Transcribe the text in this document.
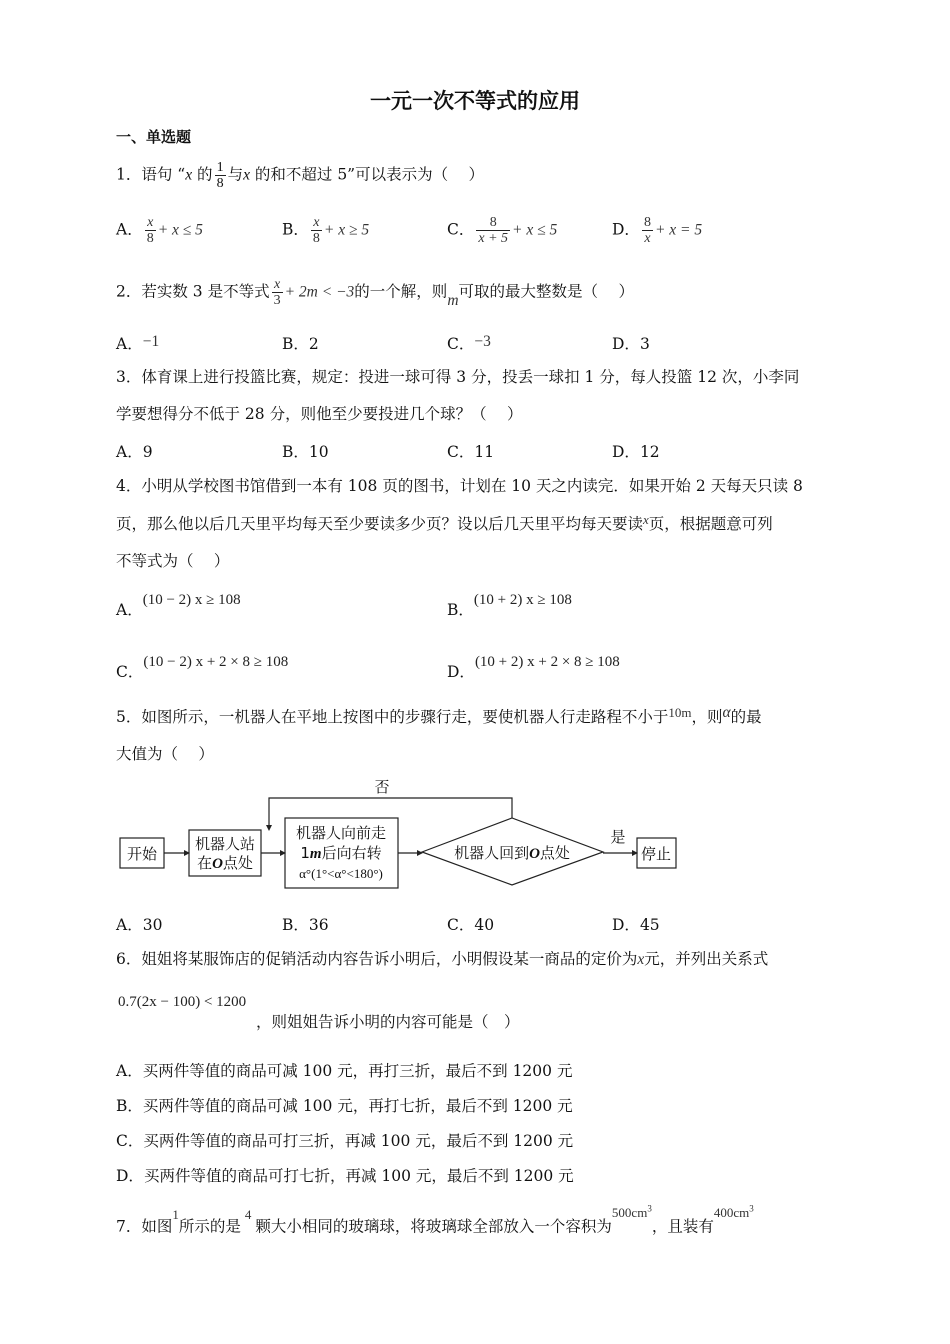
一元一次不等式的应用
一、单选题
1．语句 “x 的 $\frac{1}{8}$ 与x 的和不超过 5”可以表示为（　 ）
A． $\frac{x}{8} + x \le 5$	B． $\frac{x}{8} + x \ge 5$	C． $\frac{8}{x + 5} + x \le 5$	D． $\frac{8}{x} + x = 5$
2．若实数 3 是不等式 $\frac{x}{3} + 2m < -3$的一个解，则m可取的最大整数是（　 ）
A．−1	B．2	C．−3	D．3
3．体育课上进行投篮比赛，规定：投进一球可得 3 分，投丢一球扣 1 分，每人投篮 12 次，小李同
学要想得分不低于 28 分，则他至少要投进几个球？（　 ）
A．9	B．10	C．11	D．12
4．小明从学校图书馆借到一本有 108 页的图书，计划在 10 天之内读完．如果开始 2 天每天只读 8
页，那么他以后几天里平均每天至少要读多少页？设以后几天里平均每天要读$^x$页，根据题意可列
不等式为（　 ）
A．(10 − 2) x ≥ 108
B．(10 + 2) x ≥ 108
C．(10 − 2) x + 2 × 8 ≥ 108
D．(10 + 2) x + 2 × 8 ≥ 108
5．如图所示，一机器人在平地上按图中的步骤行走，要使机器人行走路程不小于$^{10m}$，则α的最
大值为（　 ）
开始
机器人站
在O点处
机器人向前走
1m后向右转
α°(1°<α°<180°)
机器人回到O点处
是
否
停止
A．30	B．36	C．40	D．45
6．姐姐将某服饰店的促销活动内容告诉小明后，小明假设某一商品的定价为x元，并列出关系式
0.7(2x − 100) < 1200
，则姐姐告诉小明的内容可能是（　）
A．买两件等值的商品可减 100 元，再打三折，最后不到 1200 元
B．买两件等值的商品可减 100 元，再打七折，最后不到 1200 元
C．买两件等值的商品可打三折，再减 100 元，最后不到 1200 元
D．买两件等值的商品可打七折，再减 100 元，最后不到 1200 元
7．如图$^1$所示的是$^4$颗大小相同的玻璃球，将玻璃球全部放入一个容积为$^{500cm^3}$，且装有$^{400cm^3}$
